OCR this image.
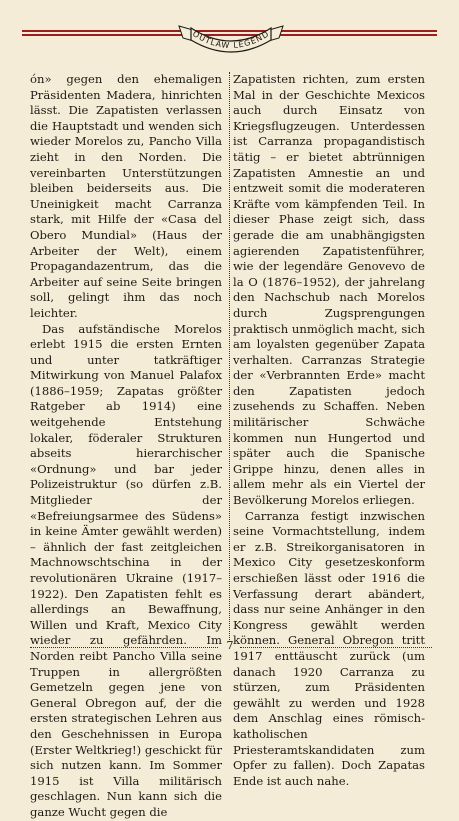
OUTLAW LEGEND

ón» gegen den ehemaligen Präsidenten Madera, hinrichten lässt. Die Zapatisten verlassen die Hauptstadt und wenden sich wieder Morelos zu, Pancho Villa zieht in den Norden. Die vereinbarten Unterstützungen bleiben beiderseits aus. Die Uneinigkeit macht Carranza stark, mit Hilfe der «Casa del Obero Mundial» (Haus der Arbeiter der Welt), einem Propagandazentrum, das die Arbeiter auf seine Seite bringen soll, gelingt ihm das noch leichter.

Das aufständische Morelos erlebt 1915 die ersten Ernten und unter tatkräftiger Mitwirkung von Manuel Palafox (1886–1959; Zapatas größter Ratgeber ab 1914) eine weitgehende Entstehung lokaler, föderaler Strukturen abseits hierarchischer «Ordnung» und bar jeder Polizeistruktur (so dürfen z.B. Mitglieder der «Befreiungsarmee des Südens» in keine Ämter gewählt werden) – ähnlich der fast zeitgleichen Machnowschtschina in der revolutionären Ukraine (1917–1922). Den Zapatisten fehlt es allerdings an Bewaffnung, Willen und Kraft, Mexico City wieder zu gefährden. Im Norden reibt Pancho Villa seine Truppen in allergrößten Gemetzeln gegen jene von General Obregon auf, der die ersten strategischen Lehren aus den Geschehnissen in Europa (Erster Weltkrieg!) geschickt für sich nutzen kann. Im Sommer 1915 ist Villa militärisch geschlagen. Nun kann sich die ganze Wucht gegen die

Zapatisten richten, zum ersten Mal in der Geschichte Mexicos auch durch Einsatz von Kriegsflugzeugen. Unterdessen ist Carranza propagandistisch tätig – er bietet abtrünnigen Zapatisten Amnestie an und entzweit somit die moderateren Kräfte vom kämpfenden Teil. In dieser Phase zeigt sich, dass gerade die am unabhängigsten agierenden Zapatistenführer, wie der legendäre Genovevo de la O (1876–1952), der jahrelang den Nachschub nach Morelos durch Zugsprengungen praktisch unmöglich macht, sich am loyalsten gegenüber Zapata verhalten. Carranzas Strategie der «Verbrannten Erde» macht den Zapatisten jedoch zusehends zu Schaffen. Neben militärischer Schwäche kommen nun Hungertod und später auch die Spanische Grippe hinzu, denen alles in allem mehr als ein Viertel der Bevölkerung Morelos erliegen.

Carranza festigt inzwischen seine Vormachtstellung, indem er z.B. Streikorganisatoren in Mexico City gesetzeskonform erschießen lässt oder 1916 die Verfassung derart abändert, dass nur seine Anhänger in den Kongress gewählt werden können. General Obregon tritt 1917 enttäuscht zurück (um danach 1920 Carranza zu stürzen, zum Präsidenten gewählt zu werden und 1928 dem Anschlag eines römisch-katholischen Priesteramtskandidaten zum Opfer zu fallen). Doch Zapatas Ende ist auch nahe.

7
